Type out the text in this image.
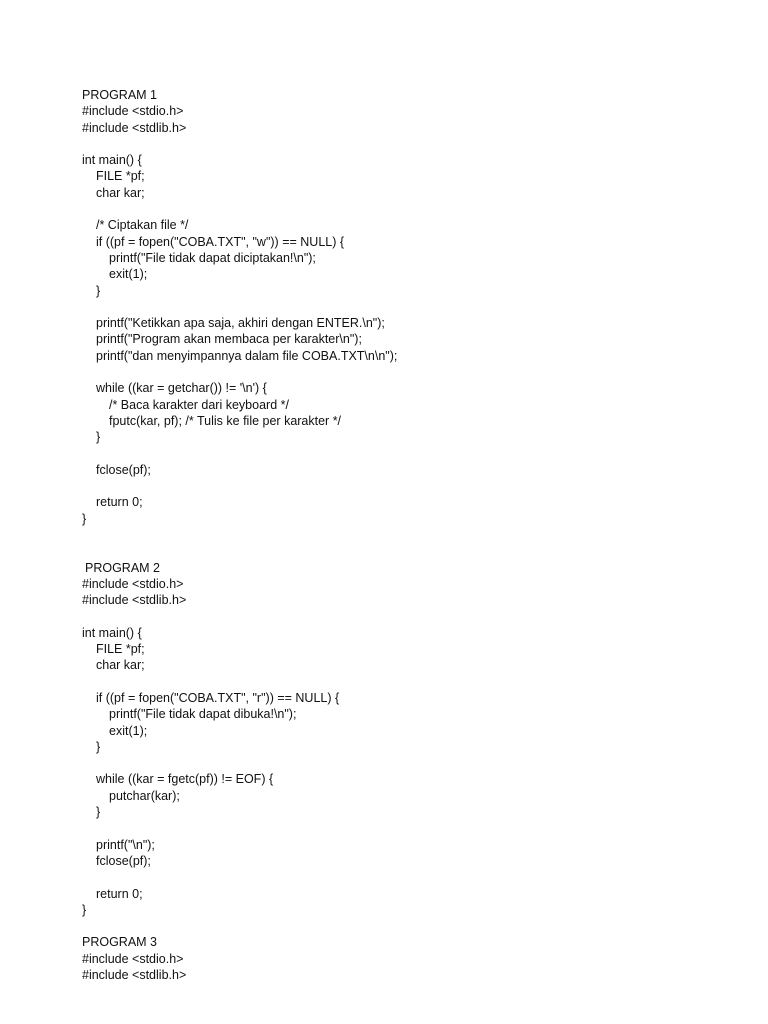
PROGRAM 1
#include <stdio.h>
#include <stdlib.h>
int main() {
FILE *pf;
char kar;
/* Ciptakan file */
if ((pf = fopen("COBA.TXT", "w")) == NULL) {
printf("File tidak dapat diciptakan!\n");
exit(1);
}
printf("Ketikkan apa saja, akhiri dengan ENTER.\n");
printf("Program akan membaca per karakter\n");
printf("dan menyimpannya dalam file COBA.TXT\n\n");
while ((kar = getchar()) != '\n') {
/* Baca karakter dari keyboard */
fputc(kar, pf); /* Tulis ke file per karakter */
}
fclose(pf);
return 0;
}
PROGRAM 2
#include <stdio.h>
#include <stdlib.h>
int main() {
FILE *pf;
char kar;
if ((pf = fopen("COBA.TXT", "r")) == NULL) {
printf("File tidak dapat dibuka!\n");
exit(1);
}
while ((kar = fgetc(pf)) != EOF) {
putchar(kar);
}
printf("\n");
fclose(pf);
return 0;
}
PROGRAM 3
#include <stdio.h>
#include <stdlib.h>
